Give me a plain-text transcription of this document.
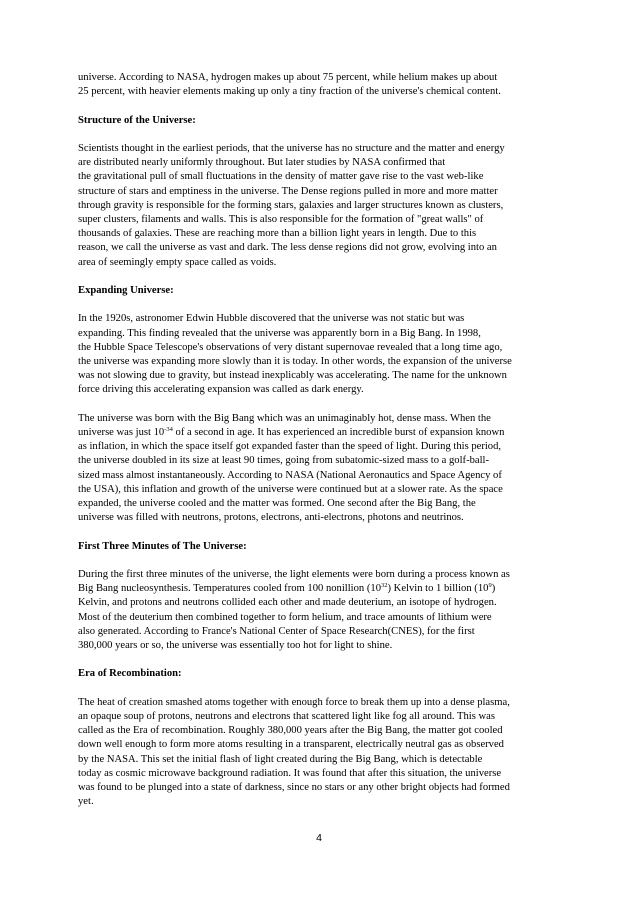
universe. According to NASA, hydrogen makes up about 75 percent, while helium makes up about
25 percent, with heavier elements making up only a tiny fraction of the universe's chemical content.

Structure of the Universe:

Scientists thought in the earliest periods, that the universe has no structure and the matter and energy
are distributed nearly uniformly throughout. But later studies by NASA confirmed that
the gravitational pull of small fluctuations in the density of matter gave rise to the vast web-like
structure of stars and emptiness in the universe. The Dense regions pulled in more and more matter
through gravity is responsible for the forming stars, galaxies and larger structures known as clusters,
super clusters, filaments and walls. This is also responsible for the formation of "great walls" of
thousands of galaxies. These are reaching more than a billion light years in length. Due to this
reason, we call the universe as vast and dark. The less dense regions did not grow, evolving into an
area of seemingly empty space called as voids.

Expanding Universe:

In the 1920s, astronomer Edwin Hubble discovered that the universe was not static but was
expanding. This finding revealed that the universe was apparently born in a Big Bang. In 1998,
the Hubble Space Telescope's observations of very distant supernovae revealed that a long time ago,
the universe was expanding more slowly than it is today. In other words, the expansion of the universe
was not slowing due to gravity, but instead inexplicably was accelerating. The name for the unknown
force driving this accelerating expansion was called as dark energy.

The universe was born with the Big Bang which was an unimaginably hot, dense mass. When the
universe was just $10^{-34}$ of a second in age. It has experienced an incredible burst of expansion known
as inflation, in which the space itself got expanded faster than the speed of light. During this period,
the universe doubled in its size at least 90 times, going from subatomic-sized mass to a golf-ball-
sized mass almost instantaneously. According to NASA (National Aeronautics and Space Agency of
the USA), this inflation and growth of the universe were continued but at a slower rate. As the space
expanded, the universe cooled and the matter was formed. One second after the Big Bang, the
universe was filled with neutrons, protons, electrons, anti-electrons, photons and neutrinos.

First Three Minutes of The Universe:

During the first three minutes of the universe, the light elements were born during a process known as
Big Bang nucleosynthesis. Temperatures cooled from 100 nonillion $(10^{32})$ Kelvin to 1 billion $(10^9)$
Kelvin, and protons and neutrons collided each other and made deuterium, an isotope of hydrogen.
Most of the deuterium then combined together to form helium, and trace amounts of lithium were
also generated. According to France's National Center of Space Research(CNES), for the first
380,000 years or so, the universe was essentially too hot for light to shine.

Era of Recombination:

The heat of creation smashed atoms together with enough force to break them up into a dense plasma,
an opaque soup of protons, neutrons and electrons that scattered light like fog all around. This was
called as the Era of recombination. Roughly 380,000 years after the Big Bang, the matter got cooled
down well enough to form more atoms resulting in a transparent, electrically neutral gas as observed
by the NASA. This set the initial flash of light created during the Big Bang, which is detectable
today as cosmic microwave background radiation. It was found that after this situation, the universe
was found to be plunged into a state of darkness, since no stars or any other bright objects had formed
yet.

4
